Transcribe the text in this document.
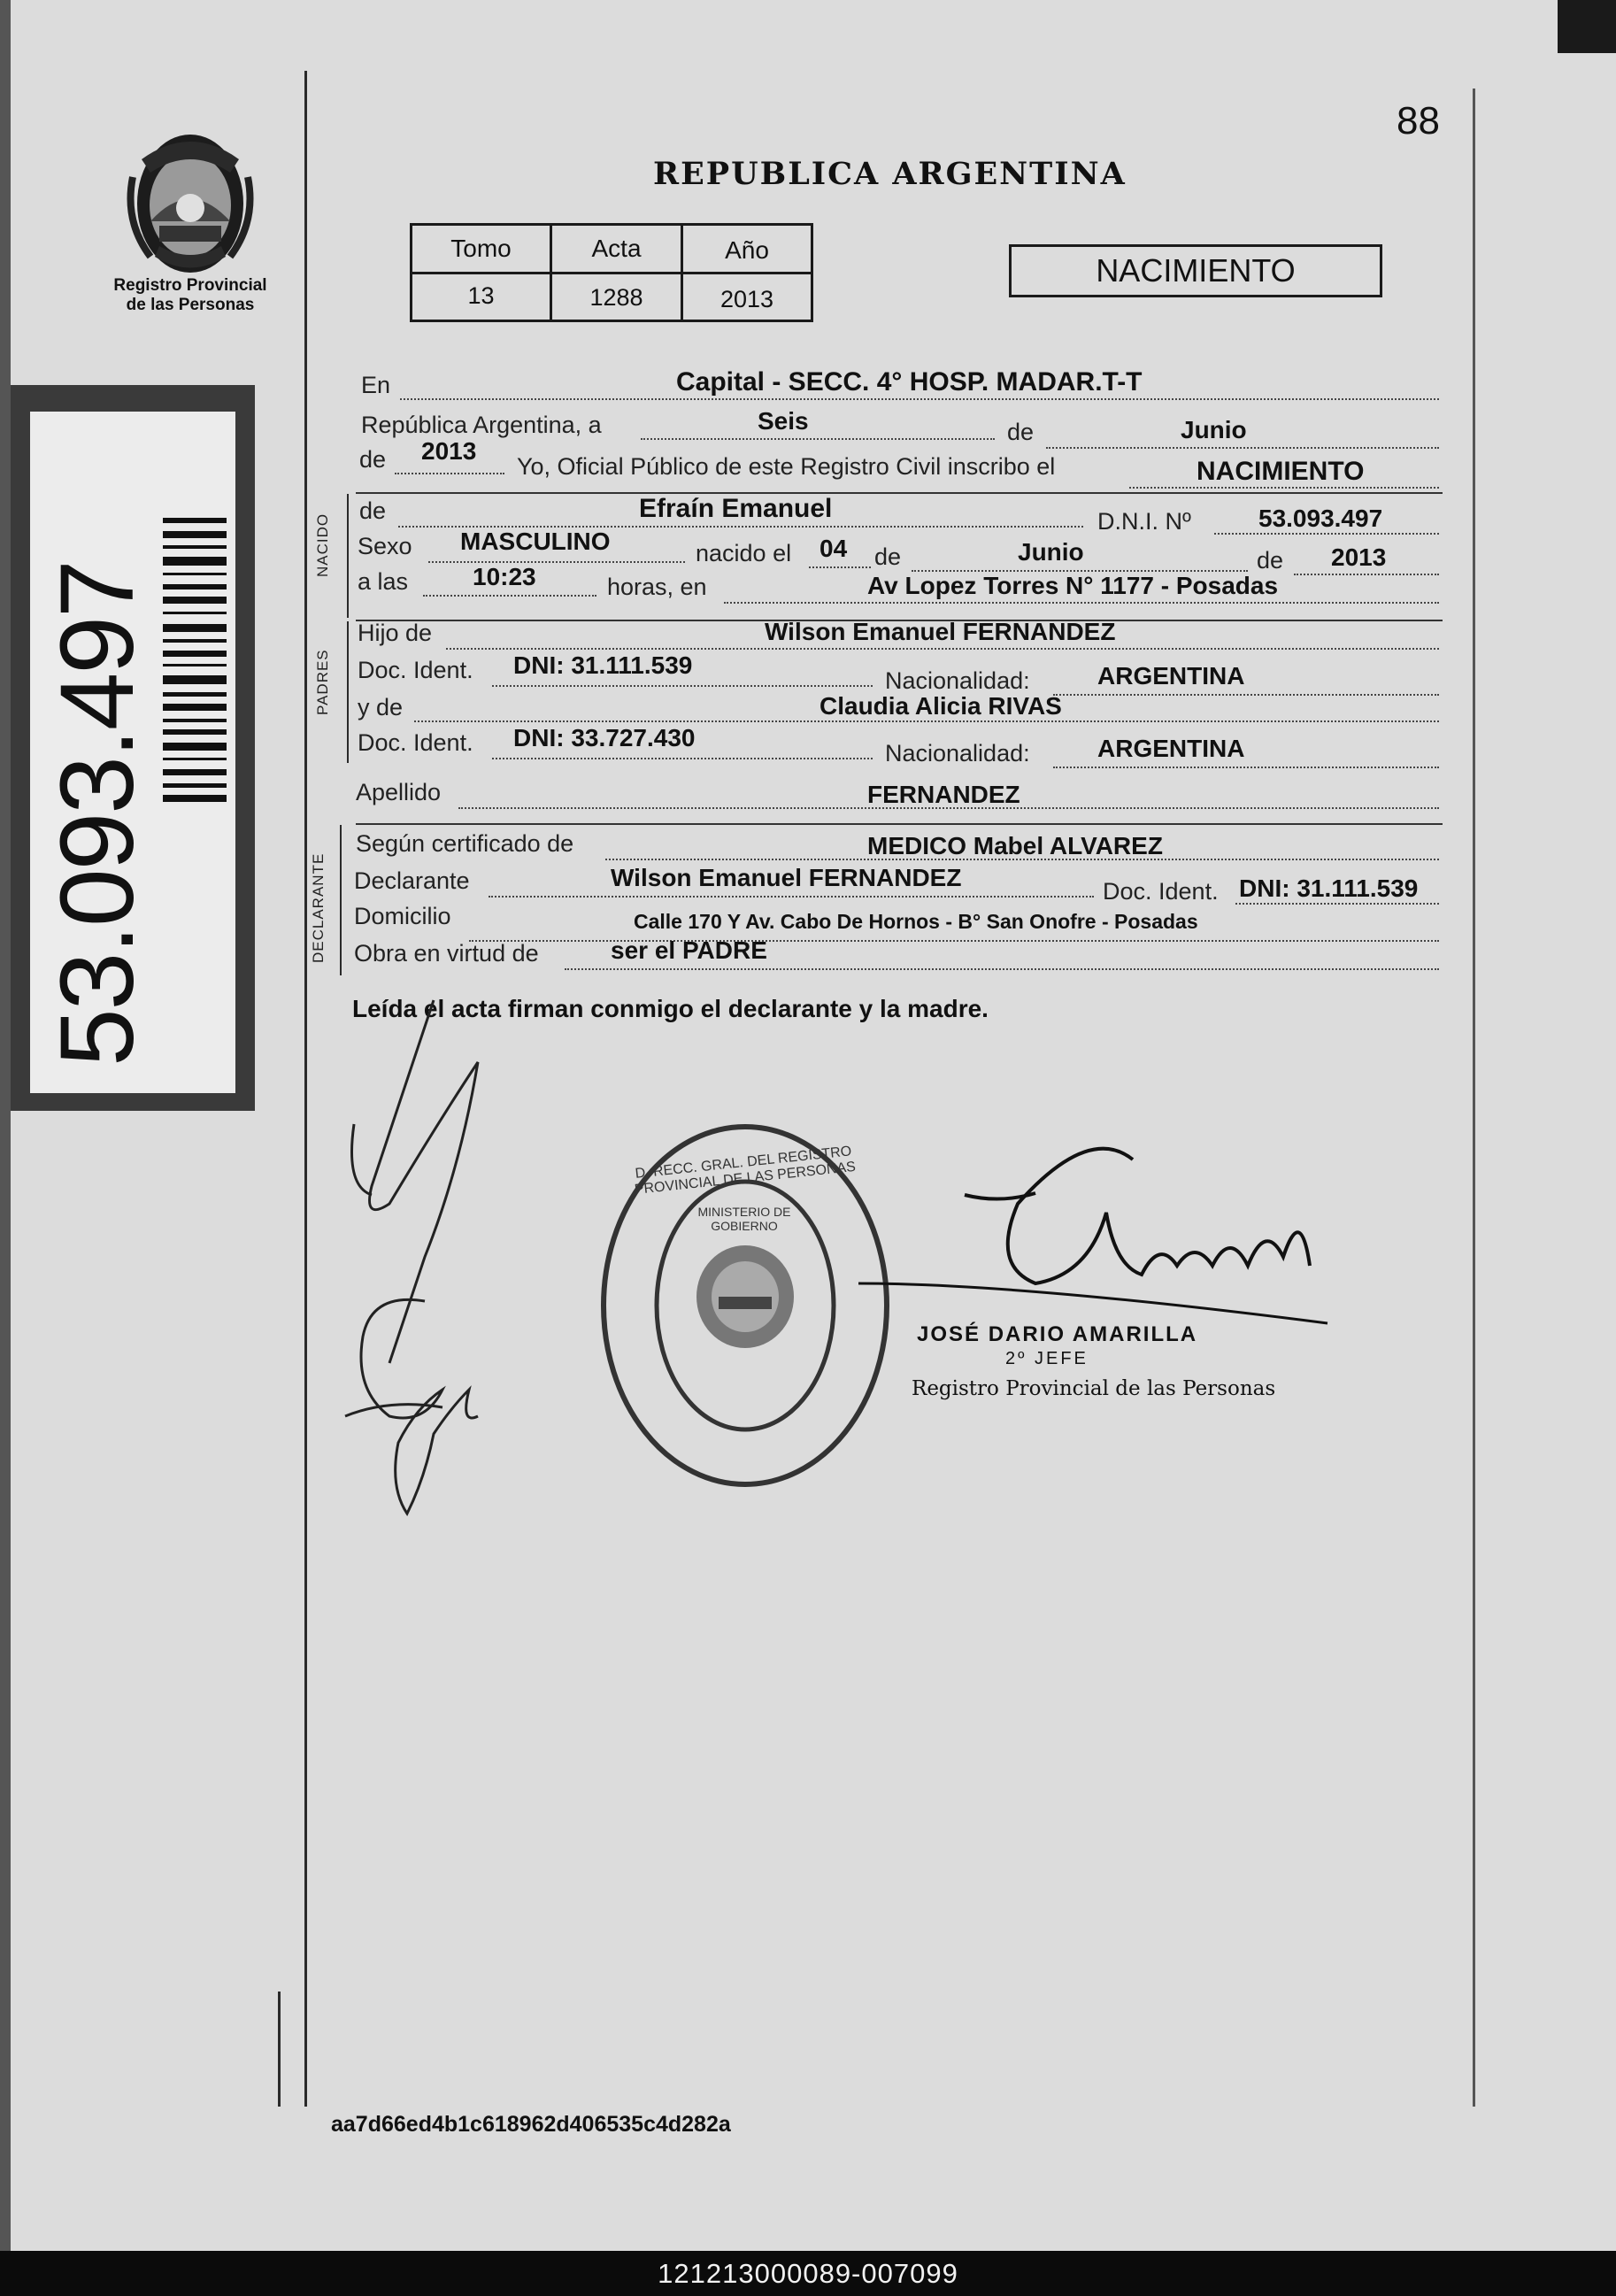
88
Registro Provincial
de las Personas
53.093.497
REPUBLICA ARGENTINA
Tomo	Acta	Año
13	1288	2013
NACIMIENTO
NACIDO
PADRES
DECLARANTE
En	Capital - SECC. 4° HOSP. MADAR.T-T
República Argentina, a	Seis	de	Junio
de 2013
Yo, Oficial Público de este Registro Civil inscribo el	NACIMIENTO
de	Efraín Emanuel	D.N.I. Nº	53.093.497
Sexo MASCULINO	nacido el 04 de	Junio	de 2013
a las	10:23	horas, en	Av Lopez Torres N° 1177 - Posadas
Hijo de	Wilson Emanuel FERNANDEZ
Doc. Ident. DNI: 31.111.539
Nacionalidad:	ARGENTINA
y de	Claudia Alicia RIVAS
Doc. Ident. DNI: 33.727.430
Nacionalidad:	ARGENTINA
Apellido	FERNANDEZ
Según certificado de	MEDICO Mabel ALVAREZ
Declarante	Wilson Emanuel FERNANDEZ	Doc. Ident. DNI: 31.111.539
Domicilio	Calle 170 Y Av. Cabo De Hornos - B° San Onofre - Posadas
Obra en virtud de	ser el PADRE
Leída el acta firman conmigo el declarante y la madre.
D. RECC. GRAL. DEL REGISTRO PROVINCIAL DE LAS PERSONAS
MINISTERIO DE GOBIERNO
JOSÉ DARIO AMARILLA
2º JEFE
Registro Provincial de las Personas
aa7d66ed4b1c618962d406535c4d282a
121213000089-007099
